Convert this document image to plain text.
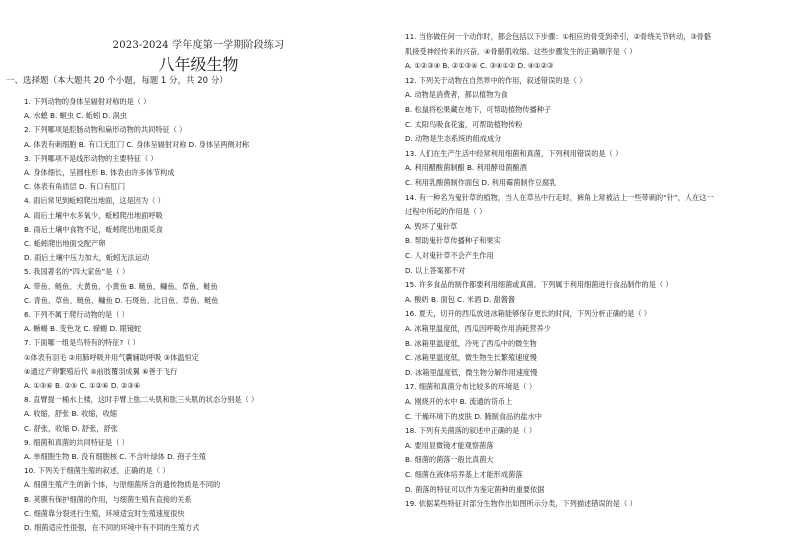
2023-2024 学年度第一学期阶段练习
八年级生物
一、选择题（本大题共 20 个小题，每题 1 分，共 20 分）
1. 下列动物的身体呈辐射对称的是（ ）
A. 水螅 B. 蛔虫 C. 蚯蚓 D. 涡虫
2. 下列哪项是腔肠动物和扁形动物的共同特征（ ）
A. 体表有刺细胞 B. 有口无肛门 C. 身体呈辐射对称 D. 身体呈两侧对称
3. 下列哪项不是线形动物的主要特征（ ）
A. 身体细长，呈圆柱形 B. 体表由许多体节构成
C. 体表有角质层 D. 有口有肛门
4. 雨后常见到蚯蚓爬出地面，这是因为（ ）
A. 雨后土壤中水多氧少，蚯蚓爬出地面呼吸
B. 雨后土壤中食物不足，蚯蚓爬出地面觅食
C. 蚯蚓爬出地面交配产卵
D. 雨后土壤中压力加大，蚯蚓无法运动
5. 我国著名的“四大家鱼”是（ ）
A. 带鱼、鲢鱼、大黄鱼、小黄鱼 B. 鲢鱼、鳙鱼、草鱼、鲢鱼
C. 青鱼、草鱼、鲢鱼、鳙鱼 D. 石斑鱼、比目鱼、草鱼、鲢鱼
6. 下列不属于爬行动物的是（ ）
A. 蜥蜴 B. 变色龙 C. 蝾螈 D. 眼镜蛇
7. 下面哪一组是鸟特有的特征?（ ）
①体表有羽毛 ②用肺呼吸并用气囊辅助呼吸 ③体温恒定
④通过产卵繁殖后代 ⑤前肢覆羽成翼 ⑥善于飞行
A. ①③⑥ B. ②⑤ C. ①②⑥ D. ②③⑥
8. 直臂提一桶水上楼，这时手臂上肱二头肌和肱三头肌的状态分别是（ ）
A. 收缩，舒张 B. 收缩，收缩
C. 舒张，收缩 D. 舒张，舒张
9. 细菌和真菌的共同特征是（ ）
A. 单细胞生物 B. 没有细胞核 C. 不含叶绿体 D. 孢子生殖
10. 下列关于细菌生殖的叙述，正确的是（ ）
A. 细菌生殖产生的新个体，与原细菌所含的遗传物质是不同的
B. 荚膜有保护细菌的作用，与细菌生殖有直接的关系
C. 细菌靠分裂进行生殖，环境适宜时生殖速度很快
D. 细菌适应性很强，在不同的环境中有不同的生殖方式
11. 当你做任何一个动作时，都会包括以下步骤：①相应的骨受到牵引，②骨绕关节转动，③骨骼
肌接受神经传来的兴奋，④骨骼肌收缩。这些步骤发生的正确顺序是（ ）
A. ①②③④ B. ②①③④ C. ③④①② D. ④①②③
12. 下列关于动物在自然界中的作用，叙述错误的是（ ）
A. 动物是消费者，都以植物为食
B. 松鼠将松果藏在地下，可帮助植物传播种子
C. 太阳鸟吸食花蜜，可帮助植物传粉
D. 动物是生态系统的组成成分
13. 人们在生产生活中经常利用细菌和真菌，下列利用错误的是（ ）
A. 利用醋酸菌制醋 B. 利用酵母菌酿酒
C. 利用乳酸菌制作面包 D. 利用霉菌制作豆腐乳
14. 有一种名为鬼针草的植物，当人在草丛中行走时，裤角上常被沾上一些带刺的“针”，人在这一
过程中所起的作用是（ ）
A. 毁坏了鬼针草
B. 帮助鬼针草传播种子和果实
C. 人对鬼针草不会产生作用
D. 以上答案都不对
15. 许多食品的制作都要利用细菌或真菌。下列属于利用细菌进行食品制作的是（ ）
A. 酸奶 B. 面包 C. 米酒 D. 甜酱酱
16. 夏天，切开的西瓜放进冰箱能够保存更长的时间，下列分析正确的是（ ）
A. 冰箱里温度低，西瓜因呼吸作用消耗营养少
B. 冰箱里温度低，冷死了西瓜中的微生物
C. 冰箱里温度低，微生物生长繁殖速度慢
D. 冰箱里温度低，微生物分解作用速度慢
17. 细菌和真菌分布比较多的环境是（ ）
A. 刚烧开的水中 B. 流通的货币上
C. 干燥环境下的皮肤 D. 腌制食品的盐水中
18. 下列有关菌落的叙述中正确的是（ ）
A. 要用显微镜才能观察菌落
B. 细菌的菌落一般比真菌大
C. 细菌在液体培养基上才能形成菌落
D. 菌落的特征可以作为鉴定菌种的重要依据
19. 依据某些特征对部分生物作出如图所示分类，下列描述错误的是（ ）
